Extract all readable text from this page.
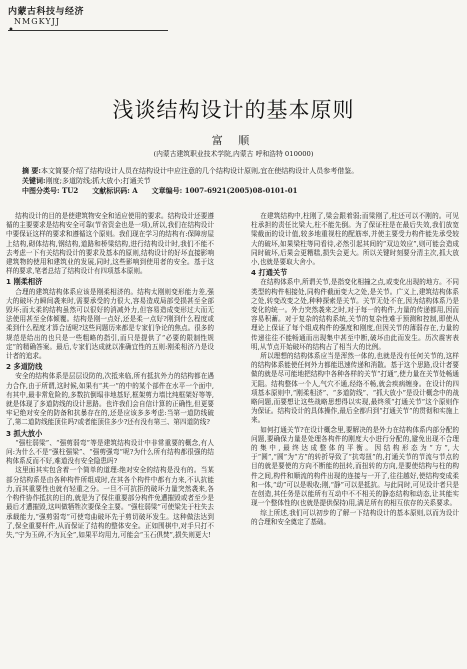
内蒙古科技与经济
NMGKYJJ
•
浅谈结构设计的基本原则
富 顺
(内蒙古建筑职业技术学院,内蒙古 呼和浩特 010000)

摘 要:本文简要介绍了结构设计人员在结构设计中应注意的几个结构设计原则,宜在使结构设计人员参考借鉴。

关键词:刚度;多道防线;抓大放小;打通关节

中图分类号: TU2 文献标识码: A 文章编号: 1007-6921(2005)08-0101-01

结构设计的目的是使建筑物安全和适应使用的要求。结构设计还要遵循的主要要求是结构安全可靠(节省资金也是一项),所以,我们在结构设计中要保证这样的要求和遵循这个原则。我们现在学习的结构有:保障房屋上结构,砌体结构,钢结构,道路和桥梁结构,进行结构设计时,我们不能不去考虑一下有关结构设计的要求及基本的原则,结构设计的好坏直接影响建筑物的使用和建筑业的发展,同时,这些影响到使用者的安全。基于这样的要求,笔者总结了结构设计有四项基本原则。

1 刚柔相济

合理的建筑结构体系应该是刚柔相济的。结构太刚则变形能力差,强大的破坏力瞬间袭来时,需要承受的力很大,容易造成局部受损甚至全部毁坏;而太柔的结构虽然可以很好的消减外力,但容易造成变形过大而无法使用甚至全体倾覆。结构是刚一点好,还是柔一点好?刚到什么程度或柔到什么程度才算合适呢?这些问题历来都是专家们争论的焦点。很多的规范是给出的也只是一些粗略的指引,而只是提供了“必要的限制性规定”的精确答案。最后,专家们达成就以准确宜性的五则:刚柔相济乃是设计者的追求。

2 多道防线

安全的结构体系是层层设防的,次抵来临,所有抵抗外力的结构都在遇力合作,由于所谓,这时候,如果有“其一”的中的某个部件在水平一个面中,有其中,最非常危险的,多数抗倒塌非地基好,框架剪力墙比纯框架好等等,就是体现了多道防线的设计思路。也许我们会自信计算的正确性,但更要牢记绝对安全的防备和抗暴存在的,还是应该多多考虑:当第一道防线破了,第二道防线能顶住吗?或者能顶住多少?还有没有第三、第四道防线?

3 抓大放小

“强柱弱梁”、“强剪弱弯”等是建筑结构设计中非常重要的概念,有人问:为什么不是“强柱强梁”、“强剪强弯”呢?为什么所有结构都很强的结构体系反而不好,难道没有安全隐患吗?

这里面其实包含着一个简单的道理:绝对安全的结构是没有的。当某部分结构系是由各种构件所组成时,在其各个构件中都有力来,不认抗能力,而其重要性也就有轻重之分。一旦不可抗拒的破坏力量突然袭来,各个构件协作抵抗的目的,就是为了保住重要部分构件免遭摧毁或者至少是最后才遭摧毁,这叫做牺牲次要保全主要。“强柱弱梁”可使梁先于柱失去承载能力,“强剪弱弯”可使弯曲破坏先于剪切破坏发生。这种做法达到了,保全重要杆件,从而保证了结构的整体安全。正如围棋中,对手只打不失,“宁为玉碎,不为瓦全”,如果平均用力,可能会“玉石俱焚”,损失则更大!

在建筑结构中,柱刚了,梁会跟着弱;而梁刚了,柱还可以不刚的。可见柱承担的责任比梁大,柱不能先倒。为了保证柱是在最后失效,我们放宽梁截面的设计值,较多地重视柱的配筋率,并使主要受力构件能先承受较大的破坏,如果梁柱等同看待,必然引起其间的“双边效应”,则可能会造成同时破坏,后果会更糟糕,损失会更大。所以关键时刻要分清主次,抓大放小,也就是要取大舍小。

4 打通关节

在结构体系中,所谓关节,是指变化相撞之点,或变化出现的地方。不同类型的构件相接处,同构件截面变大之处,是关节。广义上,建筑结构体系之处,转变改变之处,种种探索是关节。关节无处不在,因为结构体系乃是变化的统一。外力突然袭来之时,对于每一的构件,力量的传递都用,因而容易积蓄。对于复杂的结构系统,关节的复杂性难于预测和控制,即使从理论上保证了每个组成构件的强度和刚度,但因关节的薄弱存在,力量的传递往往不能畅通而出现集中甚至中断,破坏由此而发生。历次震害表明,从节点开始破坏的结构占了相当大的比例。

所以理想的结构体系应当是浑然一体的,也就是没有任何关节的,这样的结构体系能使任何外力都能迅速传递和消散。基于这个思路,设计者要做的就是尽可能地把结构中各种各样的关节“打通”,使力量在关节处畅通无阻。结构整体一个人,气穴不通,经络不畅,就会疾病缠身。在设计的四项基本原则中,“刚柔相济”、“多道防线”、“抓大放小”是设计概念中的战略问题,而要想让这些战略思想得以实现,最终须“打通关节”这个原则作为保证。结构设计的具体操作,最后全都归到“打通关节”的贯彻和实施上来。

如何打通关节?在设计概念里,要解决的是外力在结构体系内部分配的问题,要确保力量是处理各构件的刚度大小进行分配的,避免出现不合理的集中,最终达成整体的平衡。因结构形态为“方”,大于“圆”,“圆”为“方”的转折导致了“抗弯扭”的,打通关节的节流与节点的目的就是要使的方向不断能的扭转,而扭转的方向,是要使结构与柱的构件之间,构件和顺流的构件出现的连接与一开了,往往越好,使结构变成柔和一体,“动”可以是吸收;刚,“静”可以是抵抗。与此同时,可见设计者只是在创造,其任务是以能所有互动中不不相关的静态结构和动态,让其能实现一个整体性的(也就是提供保持)用,满足所有的相互依存的关系要求。

综上所述,我们可以初步的了解一下结构设计的基本原则,以而为设计的合理和安全奠定了基础。
